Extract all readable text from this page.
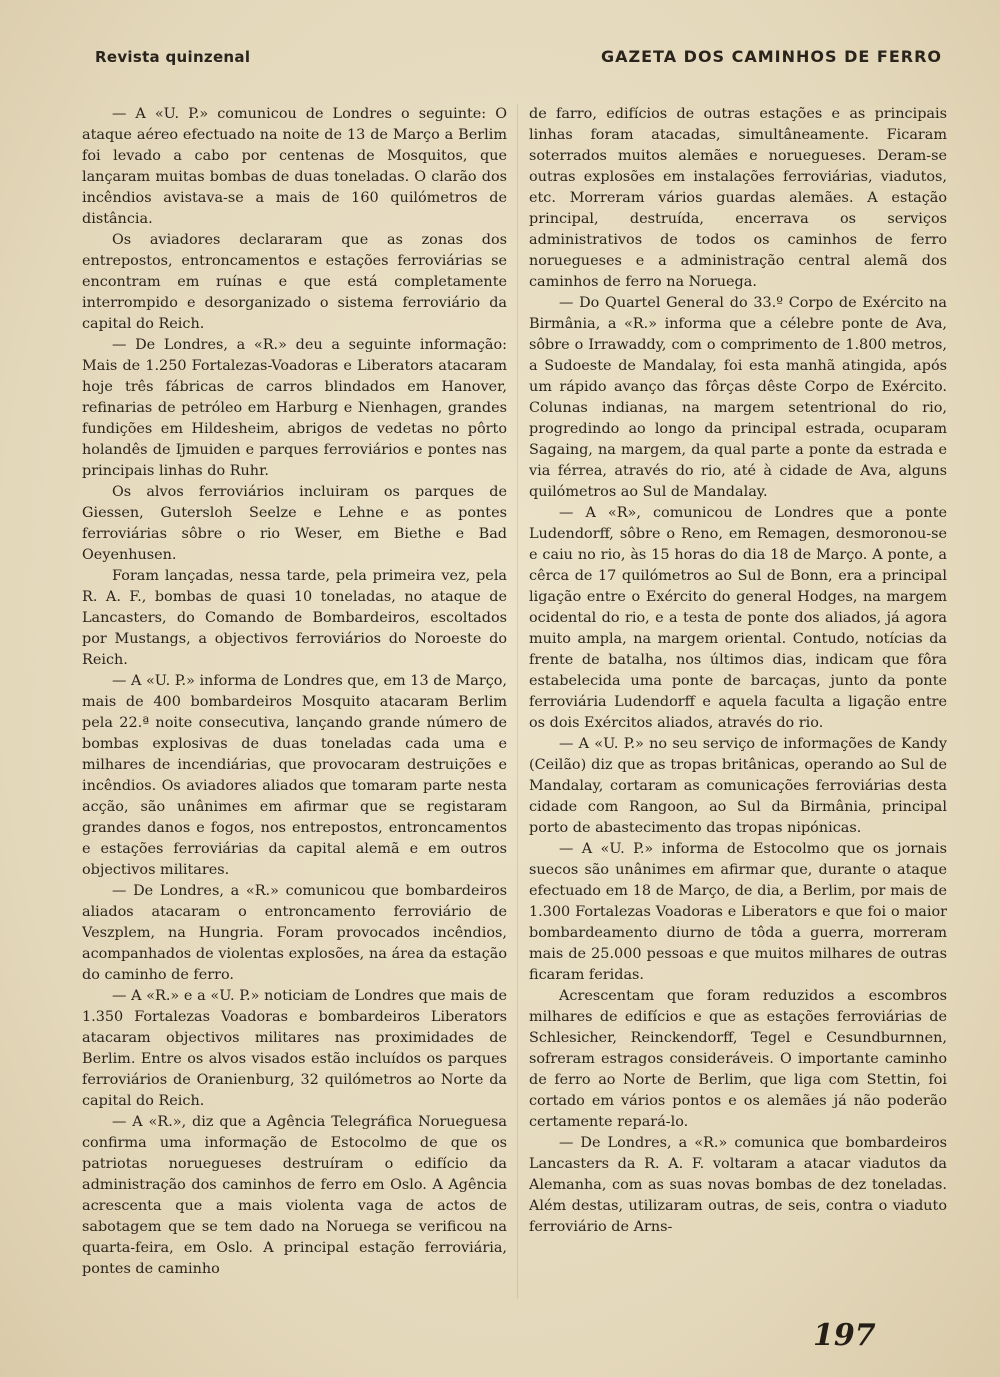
Revista quinzenal	GAZETA DOS CAMINHOS DE FERRO

— A «U. P.» comunicou de Londres o seguinte: O ataque aéreo efectuado na noite de 13 de Março a Berlim foi levado a cabo por centenas de Mosquitos, que lançaram muitas bombas de duas toneladas. O clarão dos incêndios avistava-se a mais de 160 quilómetros de distância.

Os aviadores declararam que as zonas dos entrepostos, entroncamentos e estações ferroviárias se encontram em ruínas e que está completamente interrompido e desorganizado o sistema ferroviário da capital do Reich.

— De Londres, a «R.» deu a seguinte informação: Mais de 1.250 Fortalezas-Voadoras e Liberators atacaram hoje três fábricas de carros blindados em Hanover, refinarias de petróleo em Harburg e Nienhagen, grandes fundições em Hildesheim, abrigos de vedetas no pôrto holandês de Ijmuiden e parques ferroviários e pontes nas principais linhas do Ruhr.

Os alvos ferroviários incluiram os parques de Giessen, Gutersloh Seelze e Lehne e as pontes ferroviárias sôbre o rio Weser, em Biethe e Bad Oeyenhusen.

Foram lançadas, nessa tarde, pela primeira vez, pela R. A. F., bombas de quasi 10 toneladas, no ataque de Lancasters, do Comando de Bombardeiros, escoltados por Mustangs, a objectivos ferroviários do Noroeste do Reich.

— A «U. P.» informa de Londres que, em 13 de Março, mais de 400 bombardeiros Mosquito atacaram Berlim pela 22.ª noite consecutiva, lançando grande número de bombas explosivas de duas toneladas cada uma e milhares de incendiárias, que provocaram destruições e incêndios. Os aviadores aliados que tomaram parte nesta acção, são unânimes em afirmar que se registaram grandes danos e fogos, nos entrepostos, entroncamentos e estações ferroviárias da capital alemã e em outros objectivos militares.

— De Londres, a «R.» comunicou que bombardeiros aliados atacaram o entroncamento ferroviário de Veszplem, na Hungria. Foram provocados incêndios, acompanhados de violentas explosões, na área da estação do caminho de ferro.

— A «R.» e a «U. P.» noticiam de Londres que mais de 1.350 Fortalezas Voadoras e bombardeiros Liberators atacaram objectivos militares nas proximidades de Berlim. Entre os alvos visados estão incluídos os parques ferroviários de Oranienburg, 32 quilómetros ao Norte da capital do Reich.

— A «R.», diz que a Agência Telegráfica Norueguesa confirma uma informação de Estocolmo de que os patriotas noruegueses destruíram o edifício da administração dos caminhos de ferro em Oslo. A Agência acrescenta que a mais violenta vaga de actos de sabotagem que se tem dado na Noruega se verificou na quarta-feira, em Oslo. A principal estação ferroviária, pontes de caminho

de farro, edifícios de outras estações e as principais linhas foram atacadas, simultâneamente. Ficaram soterrados muitos alemães e noruegueses. Deram-se outras explosões em instalações ferroviárias, viadutos, etc. Morreram vários guardas alemães. A estação principal, destruída, encerrava os serviços administrativos de todos os caminhos de ferro noruegueses e a administração central alemã dos caminhos de ferro na Noruega.

— Do Quartel General do 33.º Corpo de Exército na Birmânia, a «R.» informa que a célebre ponte de Ava, sôbre o Irrawaddy, com o comprimento de 1.800 metros, a Sudoeste de Mandalay, foi esta manhã atingida, após um rápido avanço das fôrças dêste Corpo de Exército. Colunas indianas, na margem setentrional do rio, progredindo ao longo da principal estrada, ocuparam Sagaing, na margem, da qual parte a ponte da estrada e via férrea, através do rio, até à cidade de Ava, alguns quilómetros ao Sul de Mandalay.

— A «R», comunicou de Londres que a ponte Ludendorff, sôbre o Reno, em Remagen, desmoronou-se e caiu no rio, às 15 horas do dia 18 de Março. A ponte, a cêrca de 17 quilómetros ao Sul de Bonn, era a principal ligação entre o Exército do general Hodges, na margem ocidental do rio, e a testa de ponte dos aliados, já agora muito ampla, na margem oriental. Contudo, notícias da frente de batalha, nos últimos dias, indicam que fôra estabelecida uma ponte de barcaças, junto da ponte ferroviária Ludendorff e aquela faculta a ligação entre os dois Exércitos aliados, através do rio.

— A «U. P.» no seu serviço de informações de Kandy (Ceilão) diz que as tropas britânicas, operando ao Sul de Mandalay, cortaram as comunicações ferroviárias desta cidade com Rangoon, ao Sul da Birmânia, principal porto de abastecimento das tropas nipónicas.

— A «U. P.» informa de Estocolmo que os jornais suecos são unânimes em afirmar que, durante o ataque efectuado em 18 de Março, de dia, a Berlim, por mais de 1.300 Fortalezas Voadoras e Liberators e que foi o maior bombardeamento diurno de tôda a guerra, morreram mais de 25.000 pessoas e que muitos milhares de outras ficaram feridas.

Acrescentam que foram reduzidos a escombros milhares de edifícios e que as estações ferroviárias de Schlesicher, Reinckendorff, Tegel e Cesundburnnen, sofreram estragos consideráveis. O importante caminho de ferro ao Norte de Berlim, que liga com Stettin, foi cortado em vários pontos e os alemães já não poderão certamente repará-lo.

— De Londres, a «R.» comunica que bombardeiros Lancasters da R. A. F. voltaram a atacar viadutos da Alemanha, com as suas novas bombas de dez toneladas. Além destas, utilizaram outras, de seis, contra o viaduto ferroviário de Arns-

197
